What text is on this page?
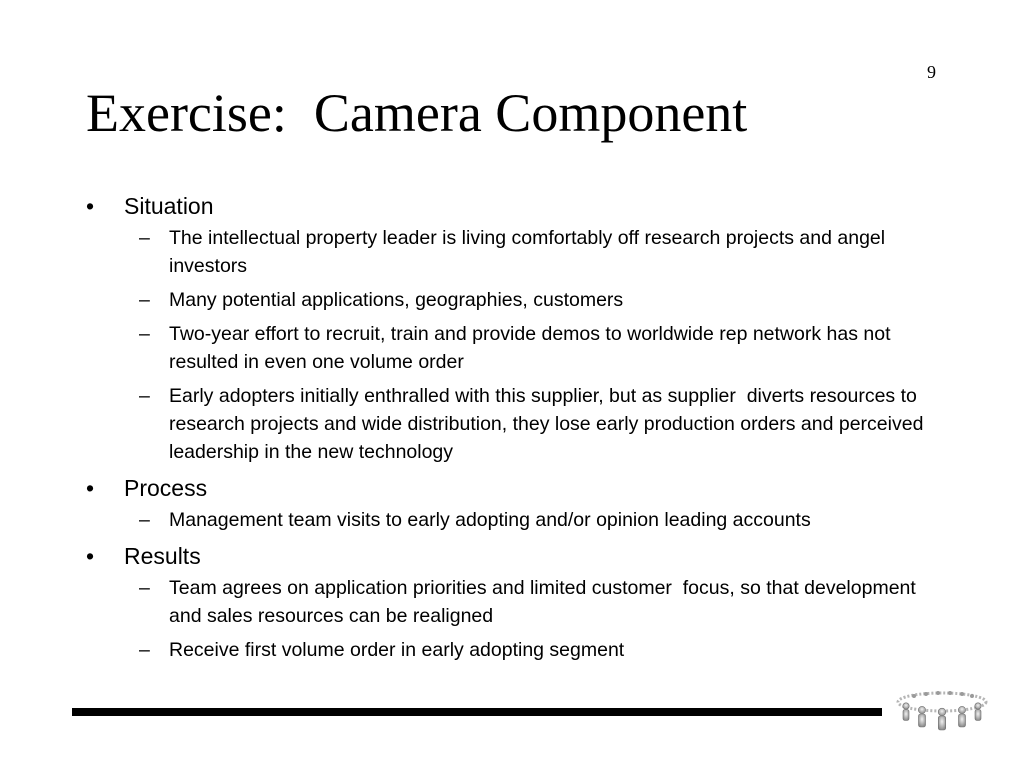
9
Exercise:  Camera Component
• Situation
– The intellectual property leader is living comfortably off research projects and angel investors
– Many potential applications, geographies, customers
– Two-year effort to recruit, train and provide demos to worldwide rep network has not resulted in even one volume order
– Early adopters initially enthralled with this supplier, but as supplier  diverts resources to research projects and wide distribution, they lose early production orders and perceived leadership in the new technology
• Process
– Management team visits to early adopting and/or opinion leading accounts
• Results
– Team agrees on application priorities and limited customer  focus, so that development and sales resources can be realigned
– Receive first volume order in early adopting segment
